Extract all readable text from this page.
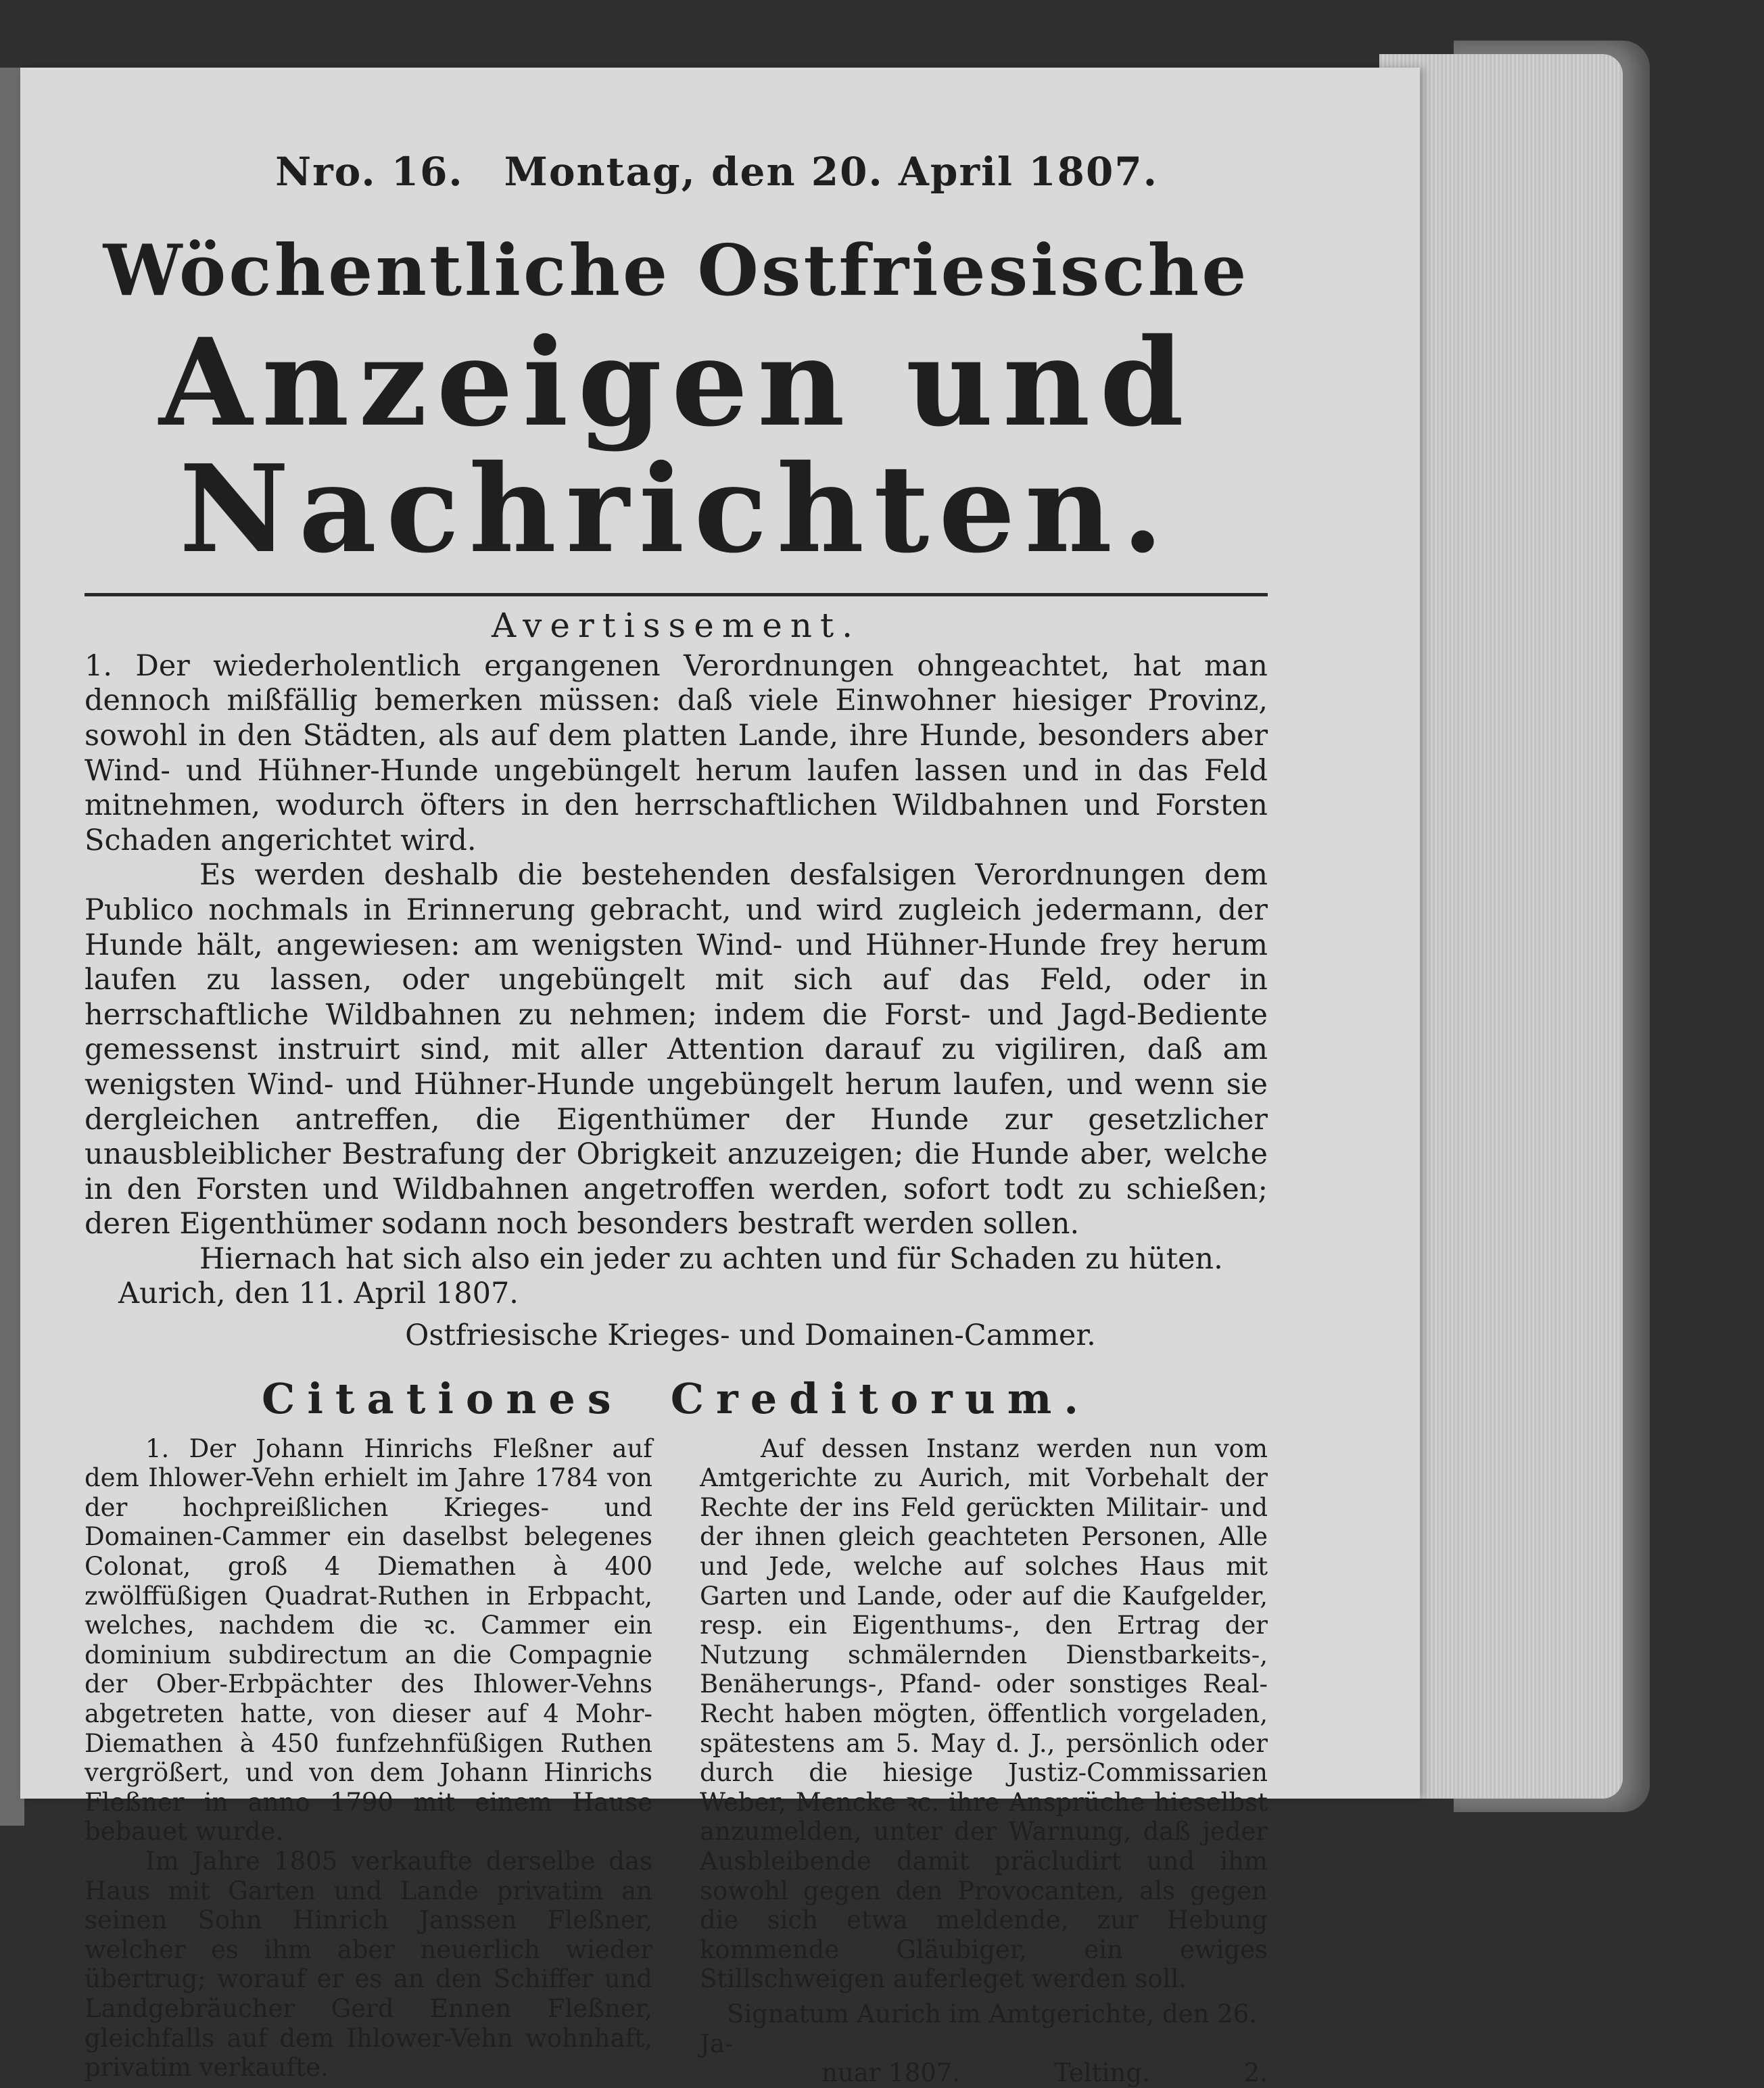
Nro. 16. Montag, den 20. April 1807.
Wöchentliche Ostfriesische
Anzeigen und Nachrichten.
Avertissement.

1. Der wiederholentlich ergangenen Verordnungen ohngeachtet, hat man dennoch mißfällig bemerken müssen: daß viele Einwohner hiesiger Provinz, sowohl in den Städten, als auf dem platten Lande, ihre Hunde, besonders aber Wind- und Hühner-Hunde ungebüngelt herum laufen lassen und in das Feld mitnehmen, wodurch öfters in den herrschaftlichen Wildbahnen und Forsten Schaden angerichtet wird.

Es werden deshalb die bestehenden desfalsigen Verordnungen dem Publico nochmals in Erinnerung gebracht, und wird zugleich jedermann, der Hunde hält, angewiesen: am wenigsten Wind- und Hühner-Hunde frey herum laufen zu lassen, oder ungebüngelt mit sich auf das Feld, oder in herrschaftliche Wildbahnen zu nehmen; indem die Forst- und Jagd-Bediente gemessenst instruirt sind, mit aller Attention darauf zu vigiliren, daß am wenigsten Wind- und Hühner-Hunde ungebüngelt herum laufen, und wenn sie dergleichen antreffen, die Eigenthümer der Hunde zur gesetzlicher unausbleiblicher Bestrafung der Obrigkeit anzuzeigen; die Hunde aber, welche in den Forsten und Wildbahnen angetroffen werden, sofort todt zu schießen; deren Eigenthümer sodann noch besonders bestraft werden sollen.

Hiernach hat sich also ein jeder zu achten und für Schaden zu hüten.

Aurich, den 11. April 1807.
Ostfriesische Krieges- und Domainen-Cammer.
Citationes Creditorum.

1. Der Johann Hinrichs Fleßner auf dem Ihlower-Vehn erhielt im Jahre 1784 von der hochpreißlichen Krieges- und Domainen-Cammer ein daselbst belegenes Colonat, groß 4 Diemathen à 400 zwölffüßigen Quadrat-Ruthen in Erbpacht, welches, nachdem die ꝛc. Cammer ein dominium subdirectum an die Compagnie der Ober-Erbpächter des Ihlower-Vehns abgetreten hatte, von dieser auf 4 Mohr-Diemathen à 450 funfzehnfüßigen Ruthen vergrößert, und von dem Johann Hinrichs Fleßner in anno 1790 mit einem Hause bebauet wurde.

Im Jahre 1805 verkaufte derselbe das Haus mit Garten und Lande privatim an seinen Sohn Hinrich Janssen Fleßner, welcher es ihm aber neuerlich wieder übertrug; worauf er es an den Schiffer und Landgebräucher Gerd Ennen Fleßner, gleichfalls auf dem Ihlower-Vehn wohnhaft, privatim verkaufte.

Auf dessen Instanz werden nun vom Amtgerichte zu Aurich, mit Vorbehalt der Rechte der ins Feld gerückten Militair- und der ihnen gleich geachteten Personen, Alle und Jede, welche auf solches Haus mit Garten und Lande, oder auf die Kaufgelder, resp. ein Eigenthums-, den Ertrag der Nutzung schmälernden Dienstbarkeits-, Benäherungs-, Pfand- oder sonstiges Real-Recht haben mögten, öffentlich vorgeladen, spätestens am 5. May d. J., persönlich oder durch die hiesige Justiz-Commissarien Weber, Mencke ꝛc. ihre Ansprüche hieselbst anzumelden, unter der Warnung, daß jeder Ausbleibende damit präcludirt und ihm sowohl gegen den Provocanten, als gegen die sich etwa meldende, zur Hebung kommende Gläubiger, ein ewiges Stillschweigen auferleget werden soll.

Signatum Aurich im Amtgerichte, den 26. Ja-

nuar 1807.	Telting.	2.
